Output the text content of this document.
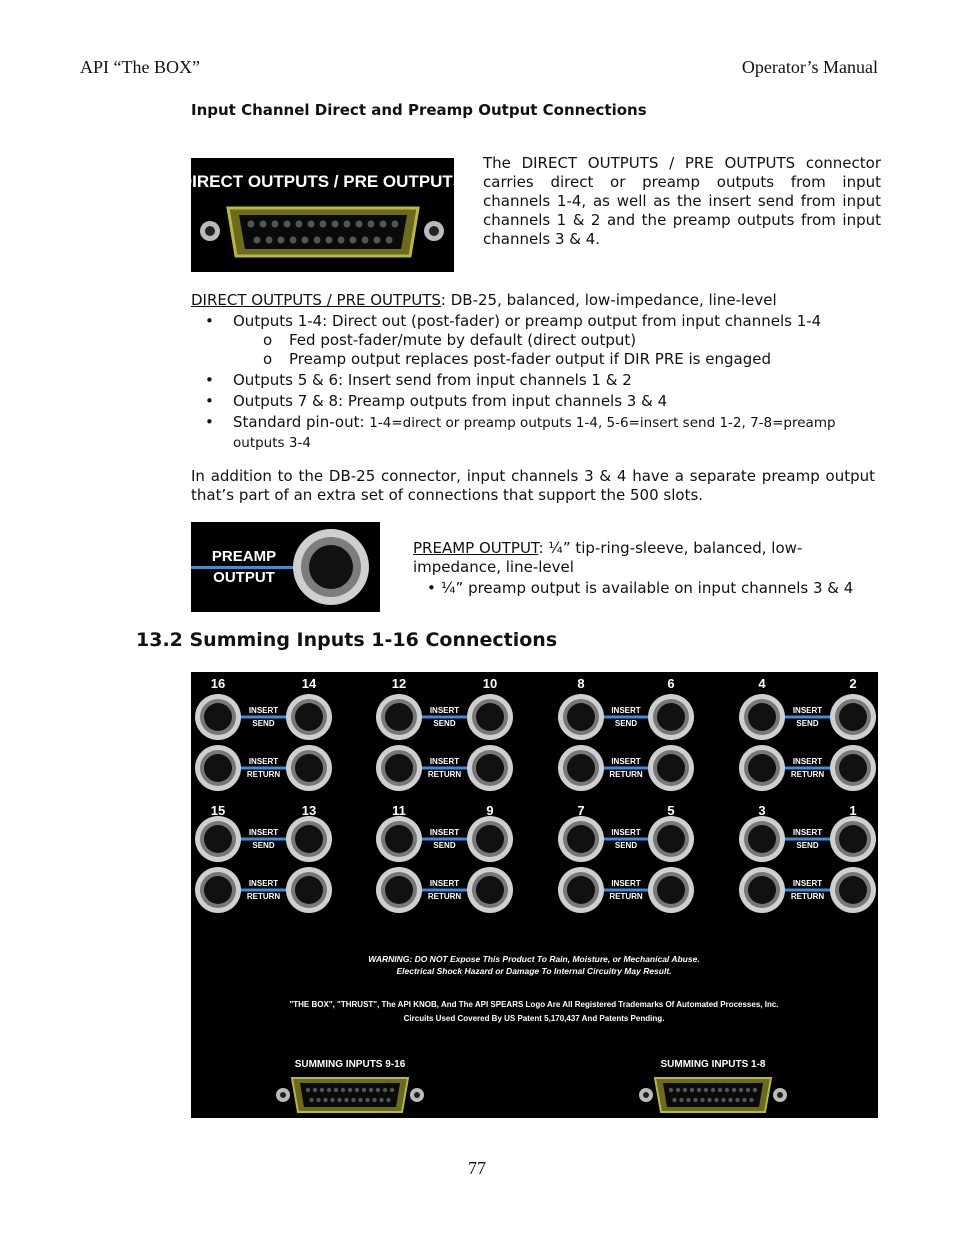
API “The BOX”	Operator’s Manual
Input Channel Direct and Preamp Output Connections
DIRECT OUTPUTS / PRE OUTPUTS
The DIRECT OUTPUTS / PRE OUTPUTS connector carries direct or preamp outputs from input channels 1-4, as well as the insert send from input channels 1 & 2 and the preamp outputs from input channels 3 & 4.
DIRECT OUTPUTS / PRE OUTPUTS: DB-25, balanced, low-impedance, line-level
• Outputs 1-4: Direct out (post-fader) or preamp output from input channels 1-4
o Fed post-fader/mute by default (direct output)
o Preamp output replaces post-fader output if DIR PRE is engaged
• Outputs 5 & 6: Insert send from input channels 1 & 2
• Outputs 7 & 8: Preamp outputs from input channels 3 & 4
• Standard pin-out: 1-4=direct or preamp outputs 1-4, 5-6=insert send 1-2, 7-8=preamp outputs 3-4
In addition to the DB-25 connector, input channels 3 & 4 have a separate preamp output that’s part of an extra set of connections that support the 500 slots.
PREAMP
OUTPUT
PREAMP OUTPUT: ¼” tip-ring-sleeve, balanced, low-impedance, line-level
• ¼” preamp output is available on input channels 3 & 4
13.2 Summing Inputs 1-16 Connections
16	14	12	10	8	6	4	2
15	13	11	9	7	5	3	1
INSERT
SEND
INSERT
RETURN
INSERT
SEND
INSERT
RETURN
INSERT
SEND
INSERT
RETURN
INSERT
SEND
INSERT
RETURN
INSERT
SEND
INSERT
RETURN
INSERT
SEND
INSERT
RETURN
INSERT
SEND
INSERT
RETURN
INSERT
SEND
INSERT
RETURN
WARNING: DO NOT Expose This Product To Rain, Moisture, or Mechanical Abuse.
Electrical Shock Hazard or Damage To Internal Circuitry May Result.
"THE BOX", "THRUST", The API KNOB, And The API SPEARS Logo Are All Registered Trademarks Of Automated Processes, Inc.
Circuits Used Covered By US Patent 5,170,437 And Patents Pending.
SUMMING INPUTS 9-16	SUMMING INPUTS 1-8
77
